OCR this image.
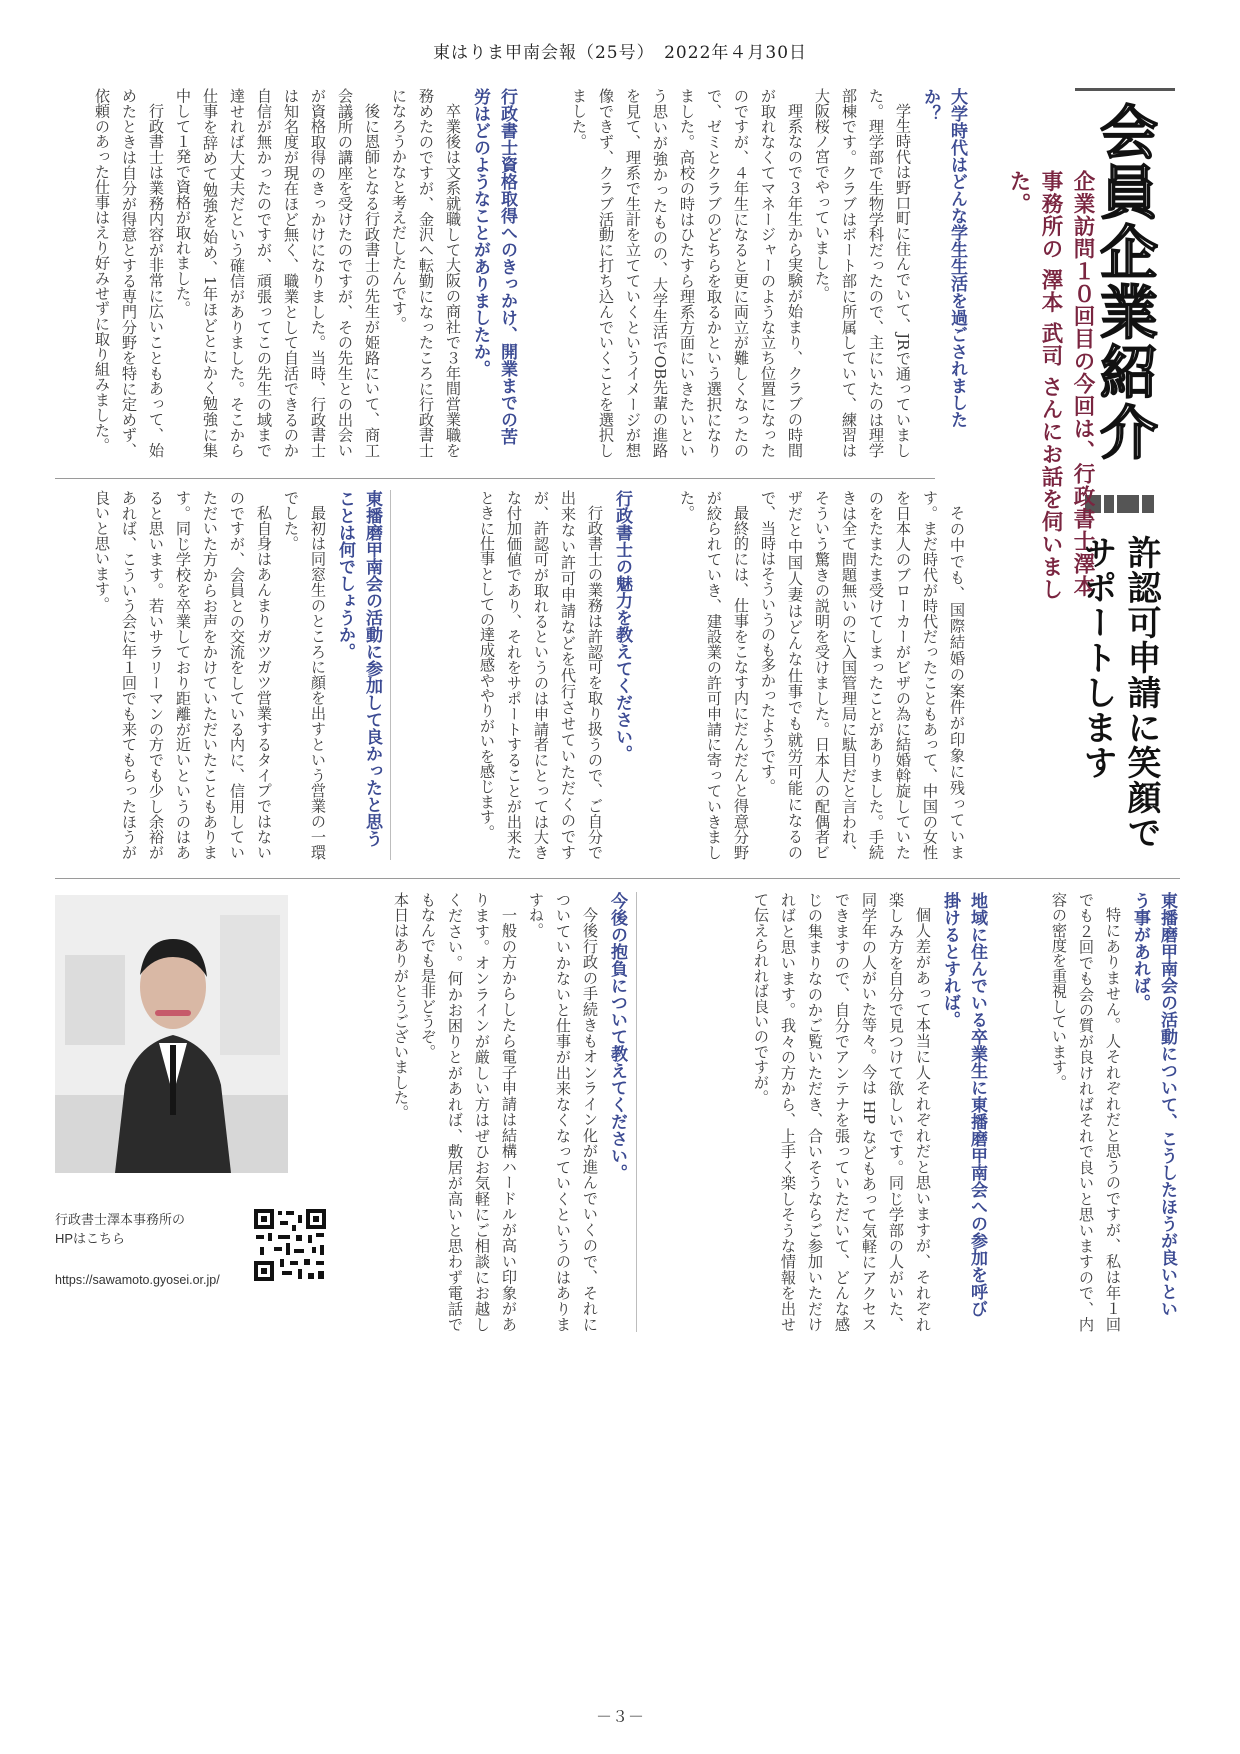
東はりま甲南会報（25号）　2022年４月30日
会員企業紹介
企業訪問１０回目の今回は、行政書士澤本事務所の 澤本 武司 さんにお話を伺いました。
許認可申請に笑顔でサポートします
大学時代はどんな学生生活を過ごされましたか？
学生時代は野口町に住んでいて、JRで通っていました。理学部で生物学科だったので、主にいたのは理学部棟です。クラブはボート部に所属していて、練習は大阪桜ノ宮でやっていました。
理系なので３年生から実験が始まり、クラブの時間が取れなくてマネージャーのような立ち位置になったのですが、４年生になると更に両立が難しくなったので、ゼミとクラブのどちらを取るかという選択になりました。高校の時はひたすら理系方面にいきたいという思いが強かったものの、大学生活でOB先輩の進路を見て、理系で生計を立てていくというイメージが想像できず、クラブ活動に打ち込んでいくことを選択しました。
行政書士資格取得へのきっかけ、開業までの苦労はどのようなことがありましたか。
卒業後は文系就職して大阪の商社で３年間営業職を務めたのですが、金沢へ転勤になったころに行政書士になろうかなと考えだしたんです。
後に恩師となる行政書士の先生が姫路にいて、商工会議所の講座を受けたのですが、その先生との出会いが資格取得のきっかけになりました。当時、行政書士は知名度が現在ほど無く、職業として自活できるのか自信が無かったのですが、頑張ってこの先生の域まで達せれば大丈夫だという確信がありました。そこから仕事を辞めて勉強を始め、1年ほどとにかく勉強に集中して１発で資格が取れました。
行政書士は業務内容が非常に広いこともあって、始めたときは自分が得意とする専門分野を特に定めず、依頼のあった仕事はえり好みせずに取り組みました。
その中でも、国際結婚の案件が印象に残っています。まだ時代が時代だったこともあって、中国の女性を日本人のブローカーがビザの為に結婚斡旋していたのをたまたま受けてしまったことがありました。手続きは全て問題無いのに入国管理局に駄目だと言われ、そういう驚きの説明を受けました。日本人の配偶者ビザだと中国人妻はどんな仕事でも就労可能になるので、当時はそういうのも多かったようです。
最終的には、仕事をこなす内にだんだんと得意分野が絞られていき、建設業の許可申請に寄っていきました。
行政書士の魅力を教えてください。
行政書士の業務は許認可を取り扱うので、ご自分で出来ない許可申請などを代行させていただくのですが、許認可が取れるというのは申請者にとっては大きな付加価値であり、それをサポートすることが出来たときに仕事としての達成感ややりがいを感じます。
東播磨甲南会の活動に参加して良かったと思うことは何でしょうか。
最初は同窓生のところに顔を出すという営業の一環でした。
私自身はあんまりガツガツ営業するタイプではないのですが、会員との交流をしている内に、信用していただいた方からお声をかけていただいたこともあります。同じ学校を卒業しており距離が近いというのはあると思います。若いサラリーマンの方でも少し余裕があれば、こういう会に年１回でも来てもらったほうが良いと思います。
東播磨甲南会の活動について、こうしたほうが良いという事があれば。
特にありません。人それぞれだと思うのですが、私は年１回でも２回でも会の質が良ければそれで良いと思いますので、内容の密度を重視しています。
地域に住んでいる卒業生に東播磨甲南会への参加を呼び掛けるとすれば。
個人差があって本当に人それぞれだと思いますが、それぞれ楽しみ方を自分で見つけて欲しいです。同じ学部の人がいた、同学年の人がいた等々。今は HP などもあって気軽にアクセスできますので、自分でアンテナを張っていただいて、どんな感じの集まりなのかご覧いただき、合いそうならご参加いただければと思います。我々の方から、上手く楽しそうな情報を出せて伝えられれば良いのですが。
今後の抱負について教えてください。
今後行政の手続きもオンライン化が進んでいくので、それについていかないと仕事が出来なくなっていくというのはありますね。
一般の方からしたら電子申請は結構ハードルが高い印象があります。オンラインが厳しい方はぜひお気軽にご相談にお越しください。何かお困りとがあれば、敷居が高いと思わず電話でもなんでも是非どうぞ。
本日はありがとうございました。
行政書士澤本事務所の
HPはこちら
https://sawamoto.gyosei.or.jp/
－３－
